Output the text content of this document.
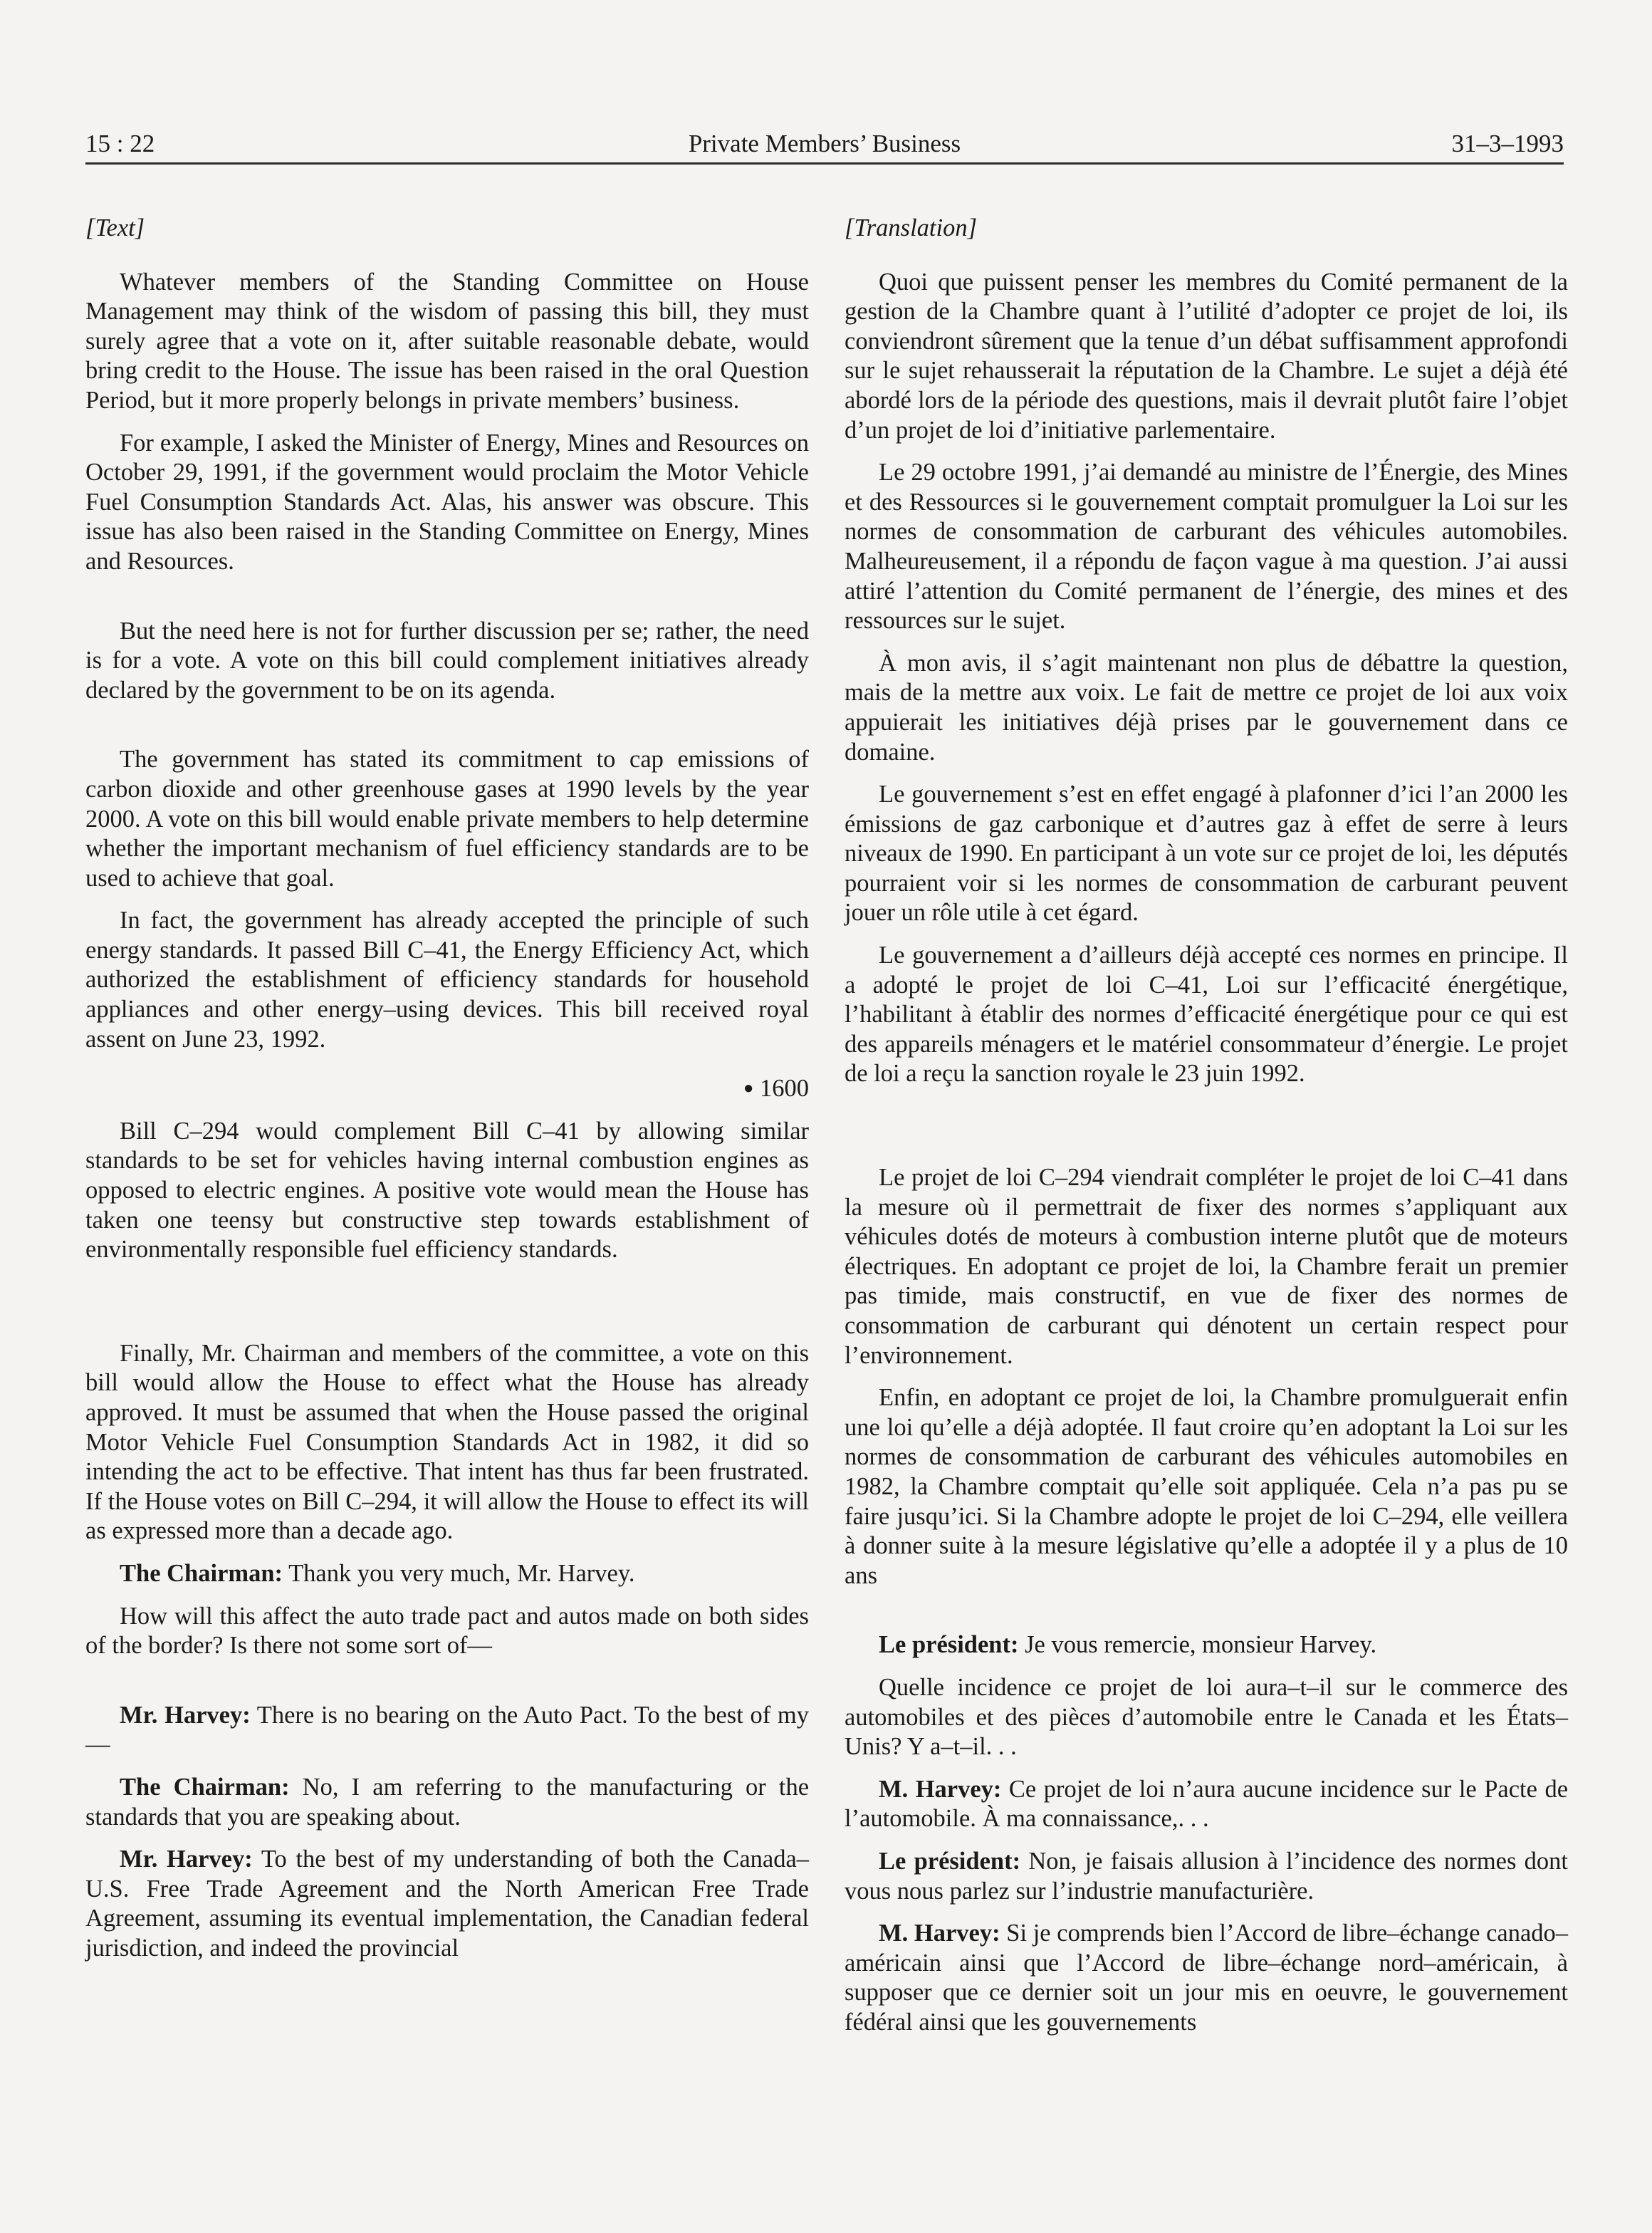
15 : 22	Private Members’ Business	31–3–1993

[Text]

Whatever members of the Standing Committee on House Management may think of the wisdom of passing this bill, they must surely agree that a vote on it, after suitable reasonable debate, would bring credit to the House. The issue has been raised in the oral Question Period, but it more properly belongs in private members’ business.

For example, I asked the Minister of Energy, Mines and Resources on October 29, 1991, if the government would proclaim the Motor Vehicle Fuel Consumption Standards Act. Alas, his answer was obscure. This issue has also been raised in the Standing Committee on Energy, Mines and Resources.

But the need here is not for further discussion per se; rather, the need is for a vote. A vote on this bill could complement initiatives already declared by the government to be on its agenda.

The government has stated its commitment to cap emissions of carbon dioxide and other greenhouse gases at 1990 levels by the year 2000. A vote on this bill would enable private members to help determine whether the important mechanism of fuel efficiency standards are to be used to achieve that goal.

In fact, the government has already accepted the principle of such energy standards. It passed Bill C–41, the Energy Efficiency Act, which authorized the establishment of efficiency standards for household appliances and other energy–using devices. This bill received royal assent on June 23, 1992.

● 1600

Bill C–294 would complement Bill C–41 by allowing similar standards to be set for vehicles having internal combustion engines as opposed to electric engines. A positive vote would mean the House has taken one teensy but constructive step towards establishment of environmentally responsible fuel efficiency standards.

Finally, Mr. Chairman and members of the committee, a vote on this bill would allow the House to effect what the House has already approved. It must be assumed that when the House passed the original Motor Vehicle Fuel Consumption Standards Act in 1982, it did so intending the act to be effective. That intent has thus far been frustrated. If the House votes on Bill C–294, it will allow the House to effect its will as expressed more than a decade ago.

The Chairman: Thank you very much, Mr. Harvey.

How will this affect the auto trade pact and autos made on both sides of the border? Is there not some sort of—

Mr. Harvey: There is no bearing on the Auto Pact. To the best of my—

The Chairman: No, I am referring to the manufacturing or the standards that you are speaking about.

Mr. Harvey: To the best of my understanding of both the Canada–U.S. Free Trade Agreement and the North American Free Trade Agreement, assuming its eventual implementation, the Canadian federal jurisdiction, and indeed the provincial

[Translation]

Quoi que puissent penser les membres du Comité permanent de la gestion de la Chambre quant à l’utilité d’adopter ce projet de loi, ils conviendront sûrement que la tenue d’un débat suffisamment approfondi sur le sujet rehausserait la réputation de la Chambre. Le sujet a déjà été abordé lors de la période des questions, mais il devrait plutôt faire l’objet d’un projet de loi d’initiative parlementaire.

Le 29 octobre 1991, j’ai demandé au ministre de l’Énergie, des Mines et des Ressources si le gouvernement comptait promulguer la Loi sur les normes de consommation de carburant des véhicules automobiles. Malheureusement, il a répondu de façon vague à ma question. J’ai aussi attiré l’attention du Comité permanent de l’énergie, des mines et des ressources sur le sujet.

À mon avis, il s’agit maintenant non plus de débattre la question, mais de la mettre aux voix. Le fait de mettre ce projet de loi aux voix appuierait les initiatives déjà prises par le gouvernement dans ce domaine.

Le gouvernement s’est en effet engagé à plafonner d’ici l’an 2000 les émissions de gaz carbonique et d’autres gaz à effet de serre à leurs niveaux de 1990. En participant à un vote sur ce projet de loi, les députés pourraient voir si les normes de consommation de carburant peuvent jouer un rôle utile à cet égard.

Le gouvernement a d’ailleurs déjà accepté ces normes en principe. Il a adopté le projet de loi C–41, Loi sur l’efficacité énergétique, l’habilitant à établir des normes d’efficacité énergétique pour ce qui est des appareils ménagers et le matériel consommateur d’énergie. Le projet de loi a reçu la sanction royale le 23 juin 1992.

Le projet de loi C–294 viendrait compléter le projet de loi C–41 dans la mesure où il permettrait de fixer des normes s’appliquant aux véhicules dotés de moteurs à combustion interne plutôt que de moteurs électriques. En adoptant ce projet de loi, la Chambre ferait un premier pas timide, mais constructif, en vue de fixer des normes de consommation de carburant qui dénotent un certain respect pour l’environnement.

Enfin, en adoptant ce projet de loi, la Chambre promulguerait enfin une loi qu’elle a déjà adoptée. Il faut croire qu’en adoptant la Loi sur les normes de consommation de carburant des véhicules automobiles en 1982, la Chambre comptait qu’elle soit appliquée. Cela n’a pas pu se faire jusqu’ici. Si la Chambre adopte le projet de loi C–294, elle veillera à donner suite à la mesure législative qu’elle a adoptée il y a plus de 10 ans

Le président: Je vous remercie, monsieur Harvey.

Quelle incidence ce projet de loi aura–t–il sur le commerce des automobiles et des pièces d’automobile entre le Canada et les États–Unis? Y a–t–il. . .

M. Harvey: Ce projet de loi n’aura aucune incidence sur le Pacte de l’automobile. À ma connaissance,. . .

Le président: Non, je faisais allusion à l’incidence des normes dont vous nous parlez sur l’industrie manufacturière.

M. Harvey: Si je comprends bien l’Accord de libre–échange canado–américain ainsi que l’Accord de libre–échange nord–américain, à supposer que ce dernier soit un jour mis en oeuvre, le gouvernement fédéral ainsi que les gouvernements
